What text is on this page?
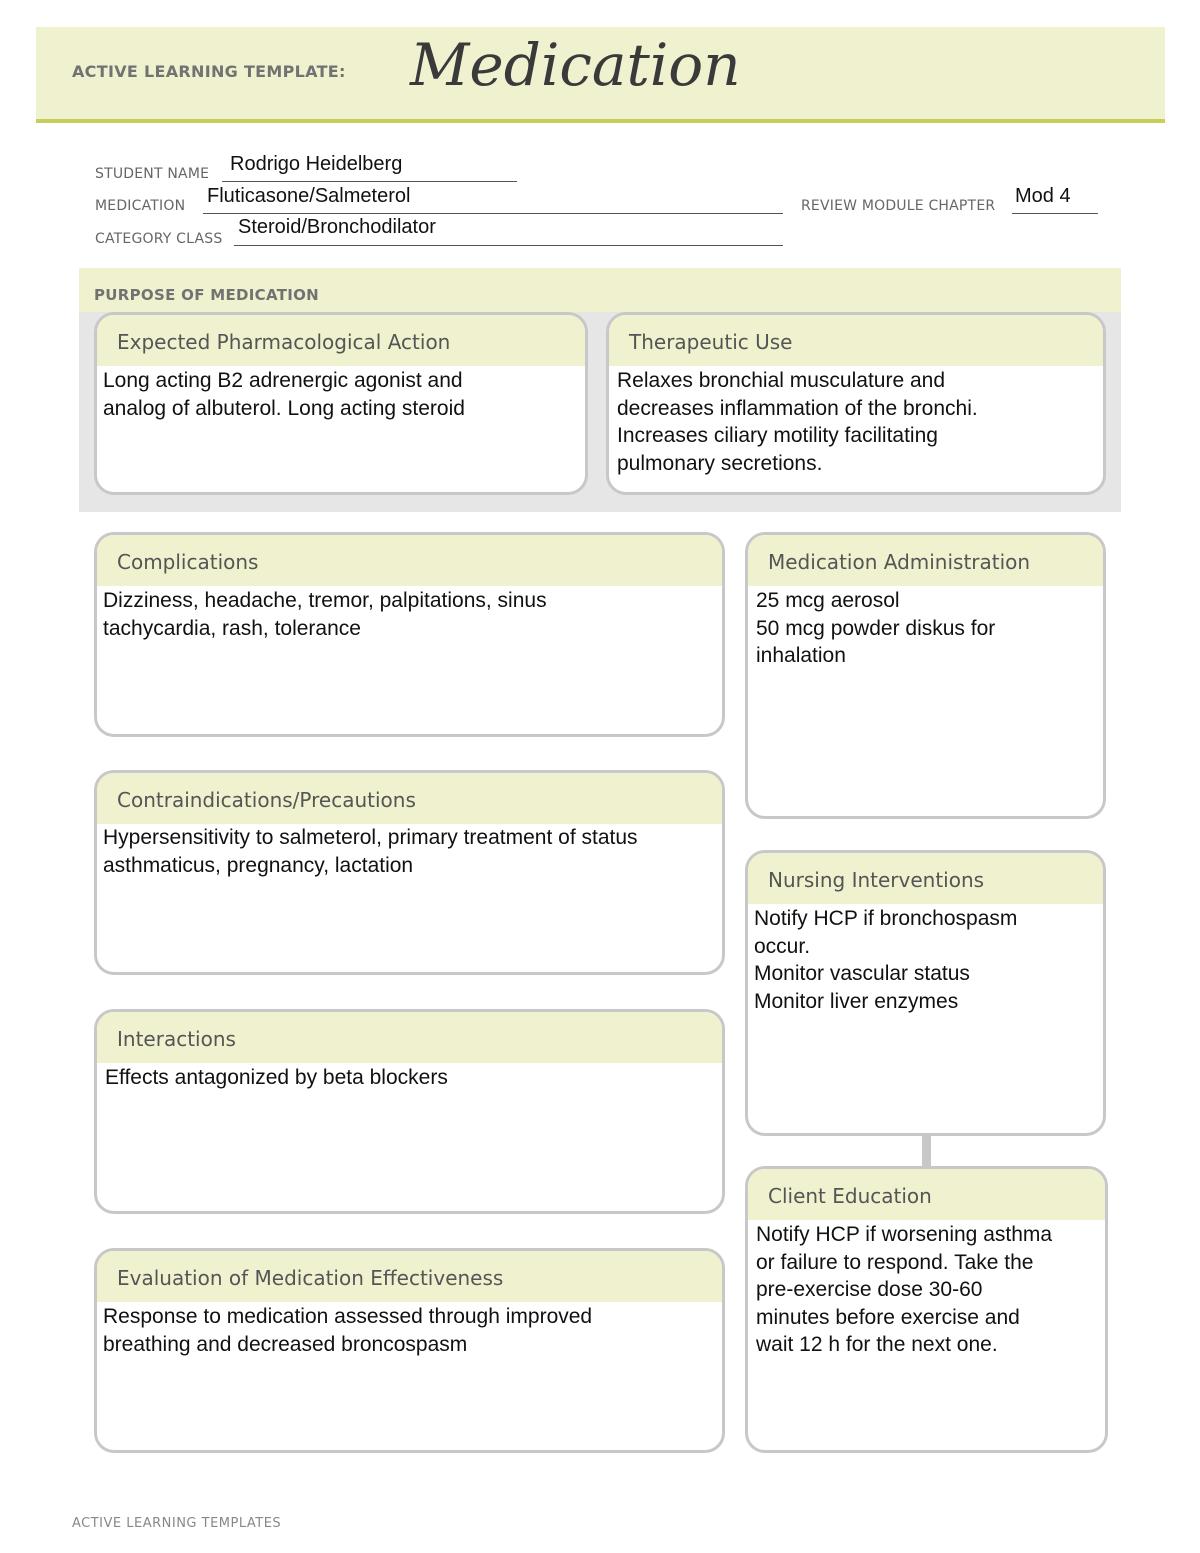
ACTIVE LEARNING TEMPLATE: Medication
STUDENT NAME Rodrigo Heidelberg
MEDICATION Fluticasone/Salmeterol	REVIEW MODULE CHAPTER Mod 4
CATEGORY CLASS
Steroid/Bronchodilator
PURPOSE OF MEDICATION
Expected Pharmacological Action
Long acting B2 adrenergic agonist and
analog of albuterol. Long acting steroid
Therapeutic Use
Relaxes bronchial musculature and
decreases inflammation of the bronchi.
Increases ciliary motility facilitating
pulmonary secretions.
Complications
Dizziness, headache, tremor, palpitations, sinus
tachycardia, rash, tolerance
Contraindications/Precautions
Hypersensitivity to salmeterol, primary treatment of status
asthmaticus, pregnancy, lactation
Interactions
Effects antagonized by beta blockers
Evaluation of Medication Effectiveness
Response to medication assessed through improved
breathing and decreased broncospasm
Medication Administration
25 mcg aerosol
50 mcg powder diskus for
inhalation
Nursing Interventions
Notify HCP if bronchospasm
occur.
Monitor vascular status
Monitor liver enzymes
Client Education
Notify HCP if worsening asthma
or failure to respond. Take the
pre-exercise dose 30-60
minutes before exercise and
wait 12 h for the next one.
ACTIVE LEARNING TEMPLATES
